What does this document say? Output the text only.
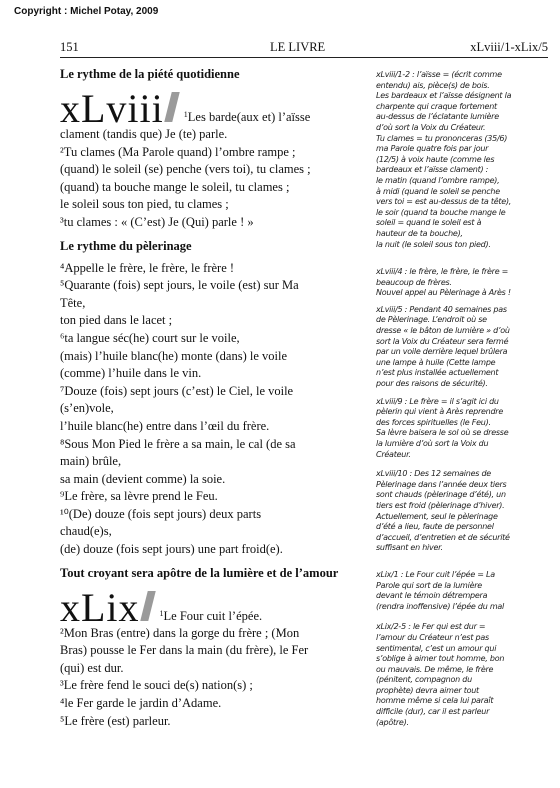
Copyright : Michel Potay, 2009
151	LE LIVRE	xLviii/1-xLix/5
Le rythme de la piété quotidienne
xLviii	$^1$Les barde(aux et) l’aïsse

clament (tandis que) Je (te) parle.

²Tu clames (Ma Parole quand) l’ombre rampe ;

(quand) le soleil (se) penche (vers toi), tu clames ;

(quand) ta bouche mange le soleil, tu clames ;

le soleil sous ton pied, tu clames ;

³tu clames : « (C’est) Je (Qui) parle ! »

Le rythme du pèlerinage

⁴Appelle le frère, le frère, le frère !

⁵Quarante (fois) sept jours, le voile (est) sur Ma

Tête,

ton pied dans le lacet ;

⁶ta langue séc(he) court sur le voile,

(mais) l’huile blanc(he) monte (dans) le voile

(comme) l’huile dans le vin.

⁷Douze (fois) sept jours (c’est) le Ciel, le voile

(s’en)vole,

l’huile blanc(he) entre dans l’œil du frère.

⁸Sous Mon Pied le frère a sa main, le cal (de sa

main) brûle,

sa main (devient comme) la soie.

⁹Le frère, sa lèvre prend le Feu.

¹⁰(De) douze (fois sept jours) deux parts

chaud(e)s,

(de) douze (fois sept jours) une part froid(e).

Tout croyant sera apôtre de la lumière et de l’amour
xLix	$^1$Le Four cuit l’épée.

²Mon Bras (entre) dans la gorge du frère ; (Mon

Bras) pousse le Fer dans la main (du frère), le Fer

(qui) est dur.

³Le frère fend le souci de(s) nation(s) ;

⁴le Fer garde le jardin d’Adame.

⁵Le frère (est) parleur.

xLviii/1-2 : l’aïsse = (écrit comme
entendu) ais, pièce(s) de bois.
Les bardeaux et l’aïsse désignent la
charpente qui craque fortement
au-dessus de l’éclatante lumière
d’où sort la Voix du Créateur.
Tu clames = tu prononceras (35/6)
ma Parole quatre fois par jour
(12/5) à voix haute (comme les
bardeaux et l’aïsse clament) :
le matin (quand l’ombre rampe),
à midi (quand le soleil se penche
vers toi = est au-dessus de ta tête),
le soir (quand ta bouche mange le
soleil = quand le soleil est à
hauteur de ta bouche),
la nuit (le soleil sous ton pied).
xLviii/4 : le frère, le frère, le frère =
beaucoup de frères.
Nouvel appel au Pèlerinage à Arès !
xLviii/5 : Pendant 40 semaines pas
de Pèlerinage. L’endroit où se
dresse « le bâton de lumière » d’où
sort la Voix du Créateur sera fermé
par un voile derrière lequel brûlera
une lampe à huile (Cette lampe
n’est plus installée actuellement
pour des raisons de sécurité).
xLviii/9 : Le frère = il s’agit ici du
pèlerin qui vient à Arès reprendre
des forces spirituelles (le Feu).
Sa lèvre baisera le sol où se dresse
la lumière d’où sort la Voix du
Créateur.
xLviii/10 : Des 12 semaines de
Pèlerinage dans l’année deux tiers
sont chauds (pèlerinage d’été), un
tiers est froid (pèlerinage d’hiver).
Actuellement, seul le pèlerinage
d’été a lieu, faute de personnel
d’accueil, d’entretien et de sécurité
suffisant en hiver.
xLix/1 : Le Four cuit l’épée = La
Parole qui sort de la lumière
devant le témoin détrempera
(rendra inoffensive) l’épée du mal
xLix/2-5 : le Fer qui est dur =
l’amour du Créateur n’est pas
sentimental, c’est un amour qui
s’oblige à aimer tout homme, bon
ou mauvais. De même, le frère
(pénitent, compagnon du
prophète) devra aimer tout
homme même si cela lui paraît
difficile (dur), car il est parleur
(apôtre).
